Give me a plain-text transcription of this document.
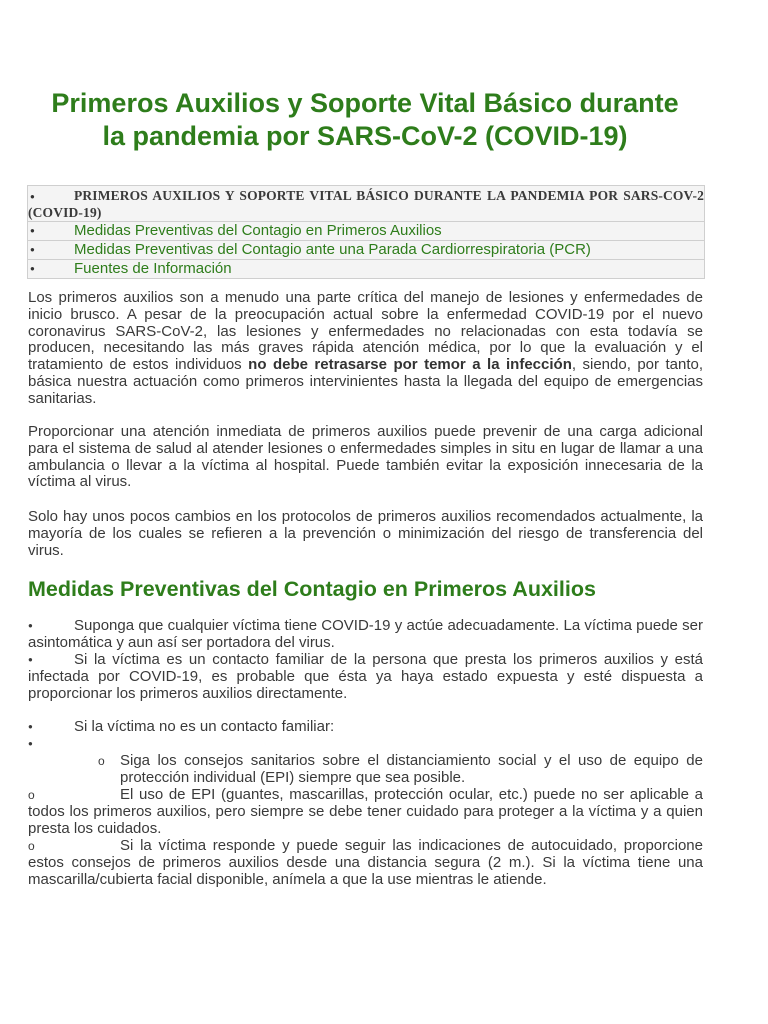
Primeros Auxilios y Soporte Vital Básico durante la pandemia por SARS-CoV-2 (COVID-19)
●	PRIMEROS AUXILIOS Y SOPORTE VITAL BÁSICO DURANTE LA PANDEMIA POR SARS-COV-2 (COVID-19)
●	Medidas Preventivas del Contagio en Primeros Auxilios
●	Medidas Preventivas del Contagio ante una Parada Cardiorrespiratoria (PCR)
●	Fuentes de Información

Los primeros auxilios son a menudo una parte crítica del manejo de lesiones y enfermedades de inicio brusco. A pesar de la preocupación actual sobre la enfermedad COVID-19 por el nuevo coronavirus SARS-CoV-2, las lesiones y enfermedades no relacionadas con esta todavía se producen, necesitando las más graves rápida atención médica, por lo que la evaluación y el tratamiento de estos individuos no debe retrasarse por temor a la infección, siendo, por tanto, básica nuestra actuación como primeros intervinientes hasta la llegada del equipo de emergencias sanitarias.

Proporcionar una atención inmediata de primeros auxilios puede prevenir de una carga adicional para el sistema de salud al atender lesiones o enfermedades simples in situ en lugar de llamar a una ambulancia o llevar a la víctima al hospital. Puede también evitar la exposición innecesaria de la víctima al virus.

Solo hay unos pocos cambios en los protocolos de primeros auxilios recomendados actualmente, la mayoría de los cuales se refieren a la prevención o minimización del riesgo de transferencia del virus.

Medidas Preventivas del Contagio en Primeros Auxilios

●	Suponga que cualquier víctima tiene COVID-19 y actúe adecuadamente. La víctima puede ser asintomática y aun así ser portadora del virus.

●	Si la víctima es un contacto familiar de la persona que presta los primeros auxilios y está infectada por COVID-19, es probable que ésta ya haya estado expuesta y esté dispuesta a proporcionar los primeros auxilios directamente.

●	Si la víctima no es un contacto familiar:

●

o	Siga los consejos sanitarios sobre el distanciamiento social y el uso de equipo de protección individual (EPI) siempre que sea posible.

o	El uso de EPI (guantes, mascarillas, protección ocular, etc.) puede no ser aplicable a todos los primeros auxilios, pero siempre se debe tener cuidado para proteger a la víctima y a quien presta los cuidados.

o	Si la víctima responde y puede seguir las indicaciones de autocuidado, proporcione estos consejos de primeros auxilios desde una distancia segura (2 m.). Si la víctima tiene una mascarilla/cubierta facial disponible, anímela a que la use mientras le atiende.
